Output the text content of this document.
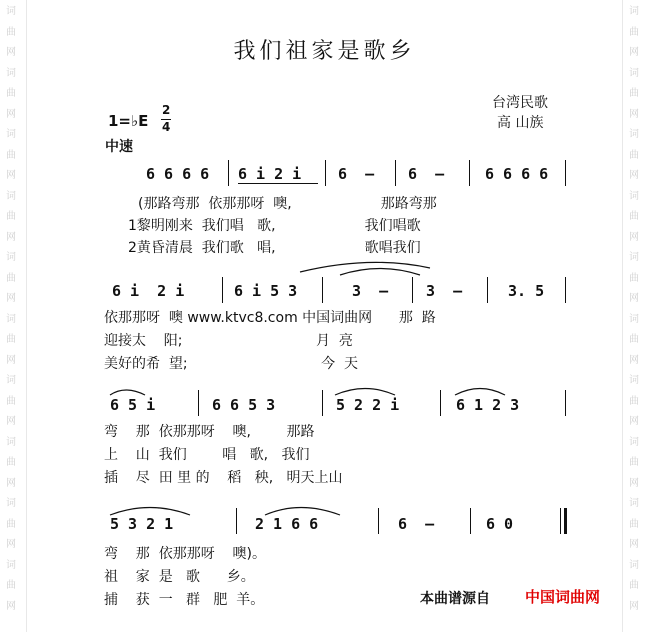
词
曲
网
词
曲
网
词
曲
网
词
曲
网
词
曲
网
词
曲
网
词
曲
网
词
曲
网
词
曲
网
词
曲
网
词
曲
网
词
曲
网
词
曲
网
词
曲
网
词
曲
网
词
曲
网
词
曲
网
词
曲
网
词
曲
网
词
曲
网
我们祖家是歌乡
台湾民歌
高 山族
1=♭E
2
4
中速
6 6 6 6 6 i 2 i 6  – 6  –	6 6 6 6
(那路弯那  依那那呀  噢,                    那路弯那
1黎明刚来  我们唱   歌,                    我们唱歌
2黄昏清晨  我们歌   唱,                    歌唱我们
6 i  2 i	6 i 5 3	3  –	3  –	3. 5
依那那呀  噢 www.ktvc8.com 中国词曲网      那  路
迎接太    阳;                              月  亮
美好的希  望;                              今  天
6 5 i	6 6 5 3	5 2 2 i	6 1 2 3
弯    那  依那那呀    噢,        那路
上    山  我们        唱   歌,   我们
插    尽  田 里 的    稻   秧,   明天上山
5 3 2 1	2 1 6 6	6  –	6 0
弯    那  依那那呀    噢)。
祖    家  是   歌      乡。
捕    获  一   群   肥  羊。	本曲谱源自 中国词曲网
